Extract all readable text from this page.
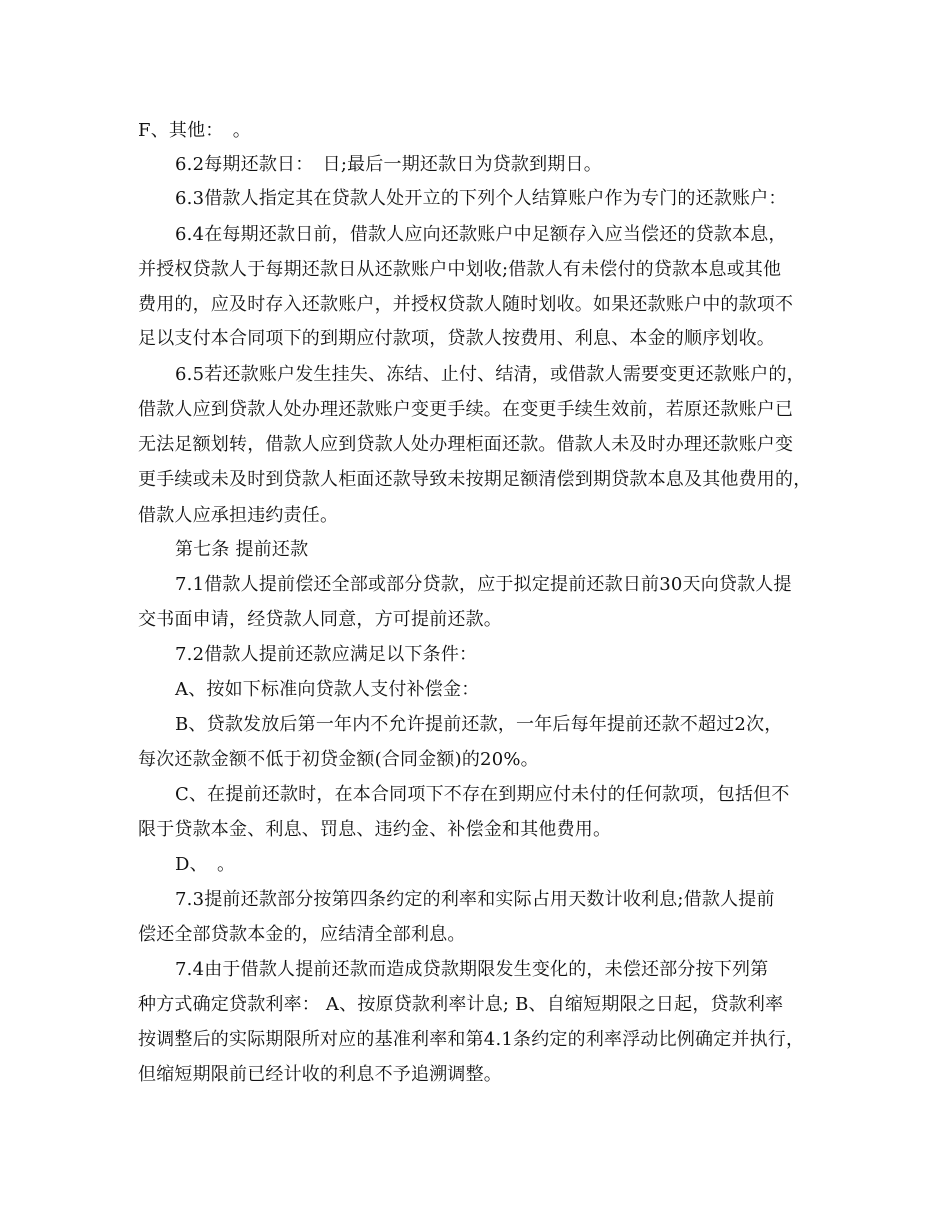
F、其他：　。
6.2每期还款日：　日;最后一期还款日为贷款到期日。
6.3借款人指定其在贷款人处开立的下列个人结算账户作为专门的还款账户：
6.4在每期还款日前，借款人应向还款账户中足额存入应当偿还的贷款本息，
并授权贷款人于每期还款日从还款账户中划收;借款人有未偿付的贷款本息或其他
费用的，应及时存入还款账户，并授权贷款人随时划收。如果还款账户中的款项不
足以支付本合同项下的到期应付款项，贷款人按费用、利息、本金的顺序划收。
6.5若还款账户发生挂失、冻结、止付、结清，或借款人需要变更还款账户的，
借款人应到贷款人处办理还款账户变更手续。在变更手续生效前，若原还款账户已
无法足额划转，借款人应到贷款人处办理柜面还款。借款人未及时办理还款账户变
更手续或未及时到贷款人柜面还款导致未按期足额清偿到期贷款本息及其他费用的，
借款人应承担违约责任。
第七条 提前还款
7.1借款人提前偿还全部或部分贷款，应于拟定提前还款日前30天向贷款人提
交书面申请，经贷款人同意，方可提前还款。
7.2借款人提前还款应满足以下条件：
A、按如下标准向贷款人支付补偿金：
B、贷款发放后第一年内不允许提前还款，一年后每年提前还款不超过2次，
每次还款金额不低于初贷金额(合同金额)的20%。
C、在提前还款时，在本合同项下不存在到期应付未付的任何款项，包括但不
限于贷款本金、利息、罚息、违约金、补偿金和其他费用。
D、　。
7.3提前还款部分按第四条约定的利率和实际占用天数计收利息;借款人提前
偿还全部贷款本金的，应结清全部利息。
7.4由于借款人提前还款而造成贷款期限发生变化的，未偿还部分按下列第
种方式确定贷款利率： A、按原贷款利率计息; B、自缩短期限之日起，贷款利率
按调整后的实际期限所对应的基准利率和第4.1条约定的利率浮动比例确定并执行，
但缩短期限前已经计收的利息不予追溯调整。
